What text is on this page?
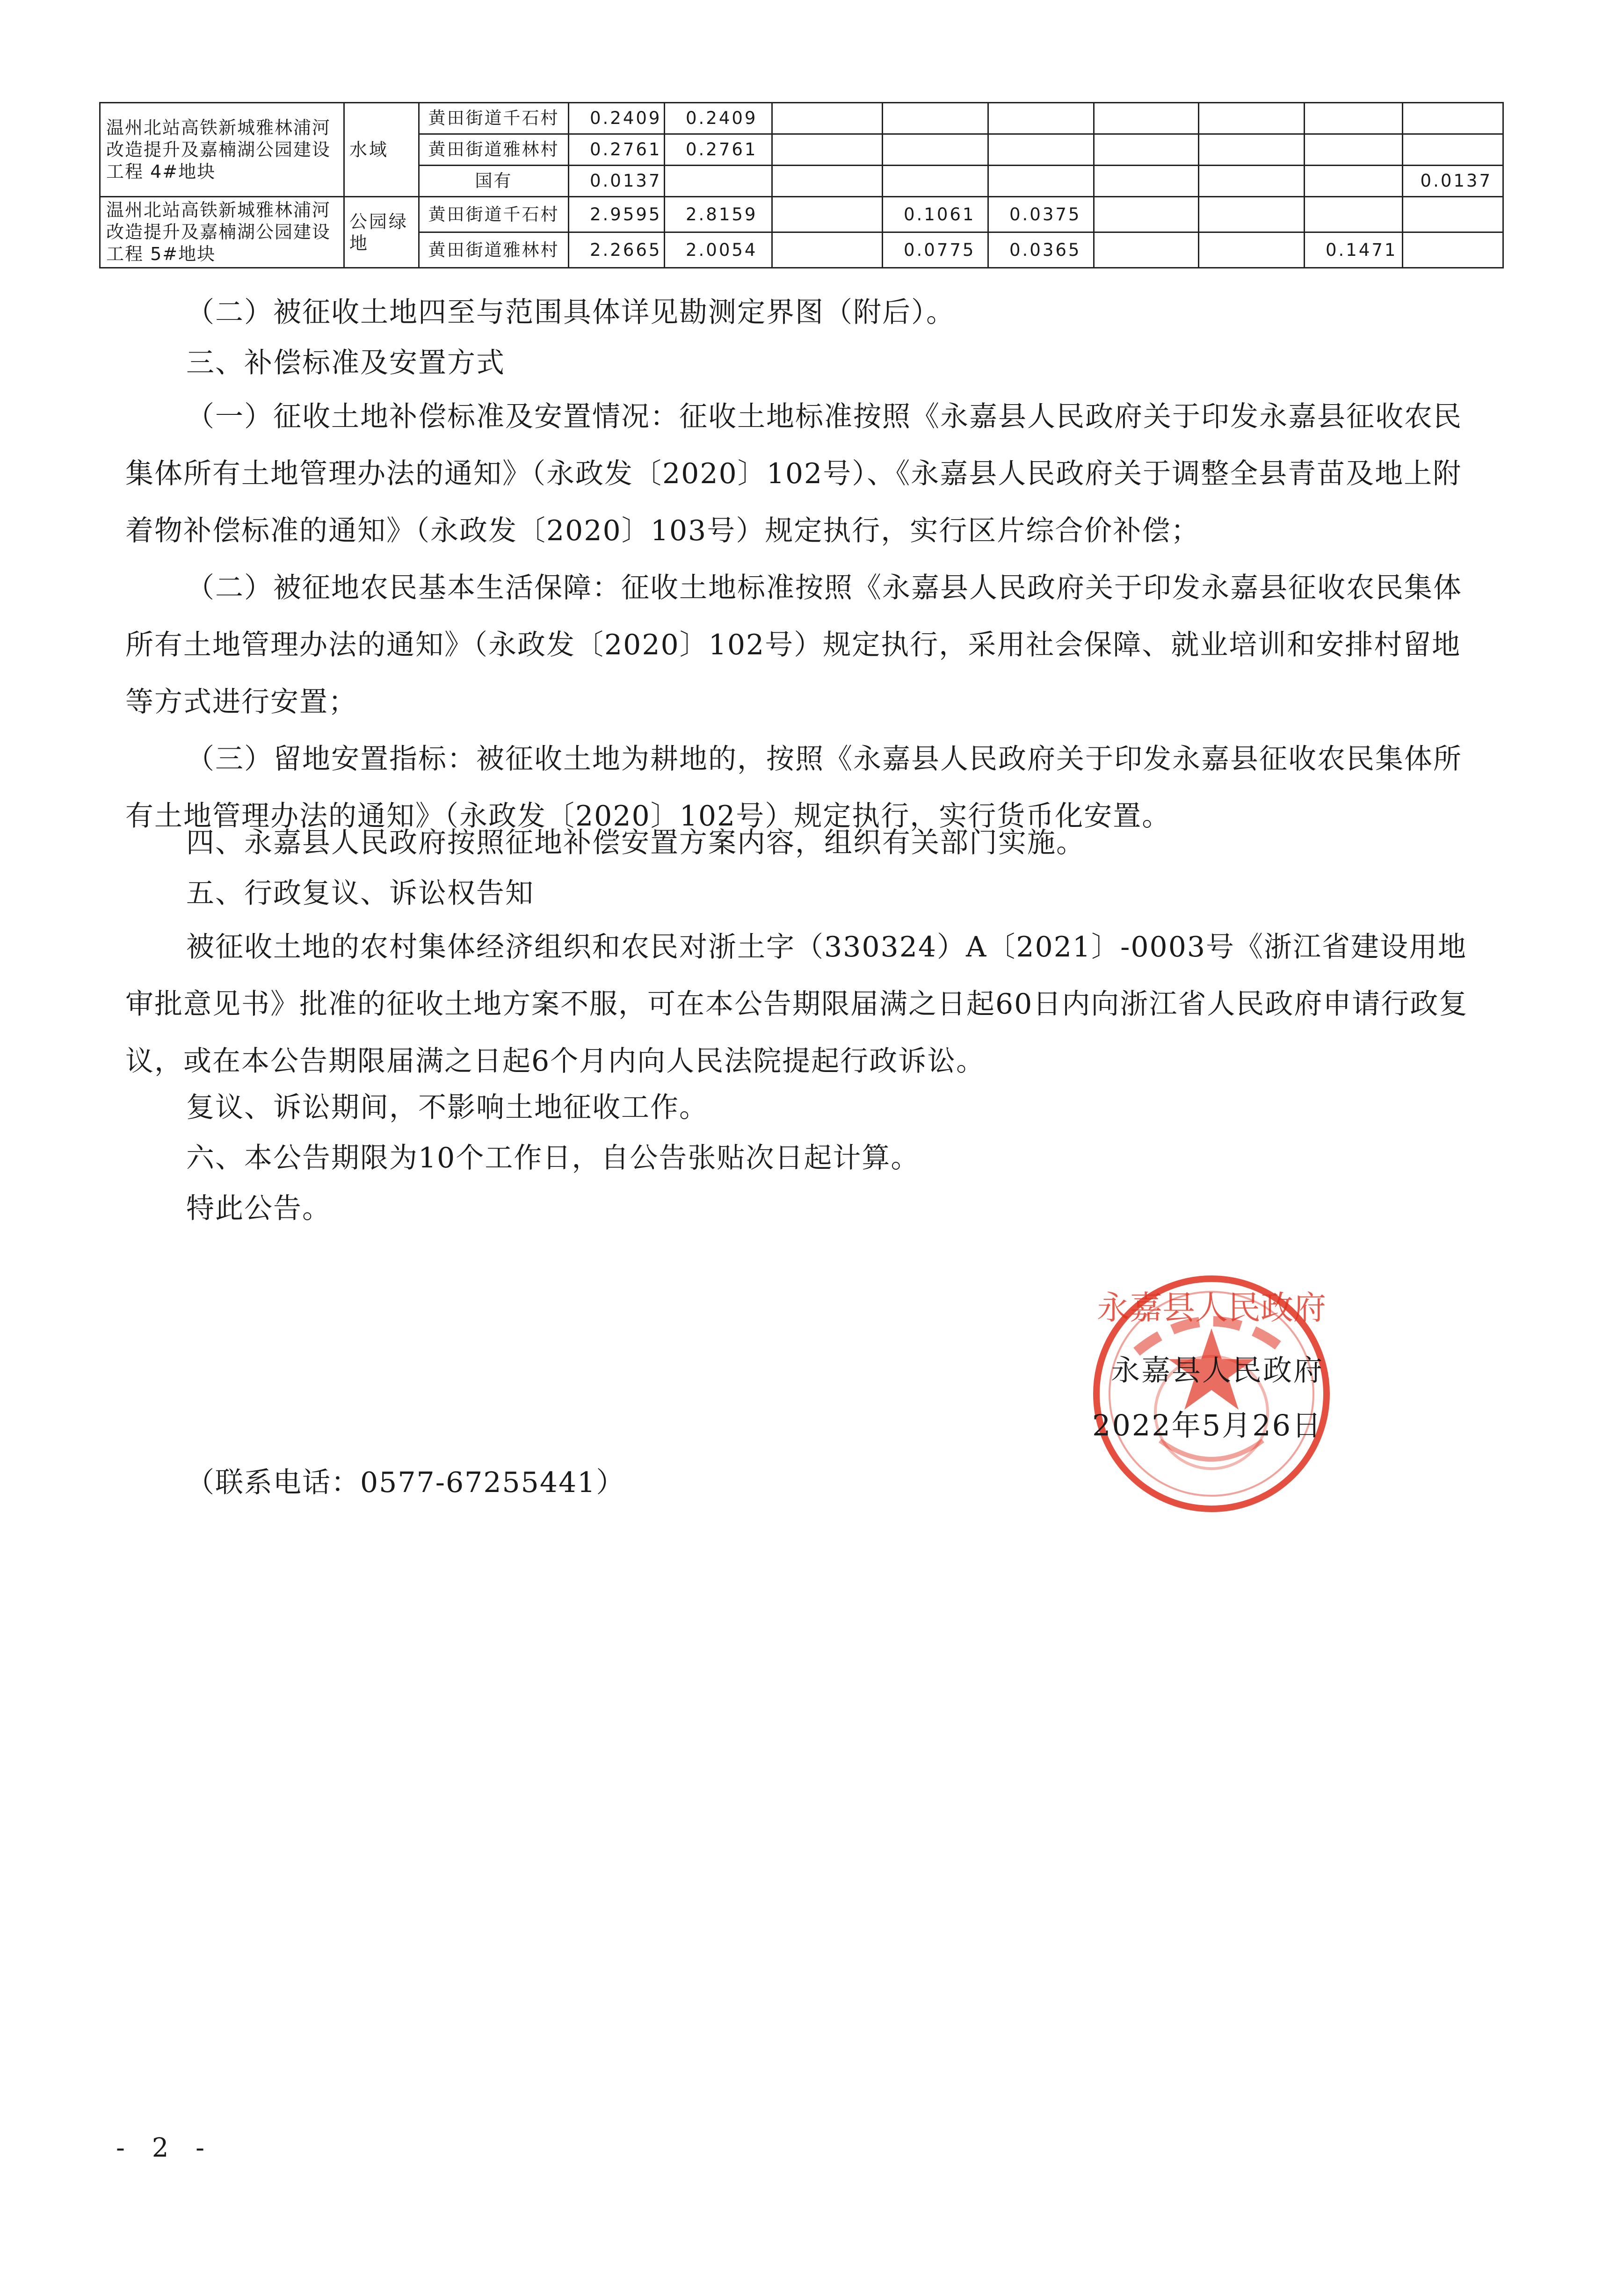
温州北站高铁新城雅林浦河改造提升及嘉楠湖公园建设工程 4#地块	水域	黄田街道千石村	0.2409	0.2409							
		黄田街道雅林村	0.2761	0.2761							
		国有	0.0137								0.0137
温州北站高铁新城雅林浦河改造提升及嘉楠湖公园建设工程 5#地块	公园绿地	黄田街道千石村	2.9595	2.8159		0.1061	0.0375				
		黄田街道雅林村	2.2665	2.0054		0.0775	0.0365			0.1471	
（二）被征收土地四至与范围具体详见勘测定界图（附后）。
三、补偿标准及安置方式
（一）征收土地补偿标准及安置情况：征收土地标准按照《永嘉县人民政府关于印发永嘉县征收农民集体所有土地管理办法的通知》（永政发〔2020〕102号）、《永嘉县人民政府关于调整全县青苗及地上附着物补偿标准的通知》（永政发〔2020〕103号）规定执行，实行区片综合价补偿；
（二）被征地农民基本生活保障：征收土地标准按照《永嘉县人民政府关于印发永嘉县征收农民集体所有土地管理办法的通知》（永政发〔2020〕102号）规定执行，采用社会保障、就业培训和安排村留地等方式进行安置；
（三）留地安置指标：被征收土地为耕地的，按照《永嘉县人民政府关于印发永嘉县征收农民集体所有土地管理办法的通知》（永政发〔2020〕102号）规定执行，实行货币化安置。
四、永嘉县人民政府按照征地补偿安置方案内容，组织有关部门实施。
五、行政复议、诉讼权告知
被征收土地的农村集体经济组织和农民对浙土字（330324）A〔2021〕-0003号《浙江省建设用地审批意见书》批准的征收土地方案不服，可在本公告期限届满之日起60日内向浙江省人民政府申请行政复议，或在本公告期限届满之日起6个月内向人民法院提起行政诉讼。
复议、诉讼期间，不影响土地征收工作。
六、本公告期限为10个工作日，自公告张贴次日起计算。
特此公告。
永嘉县人民政府
永嘉县人民政府
2022年5月26日
（联系电话：0577-67255441）
- 2 -
